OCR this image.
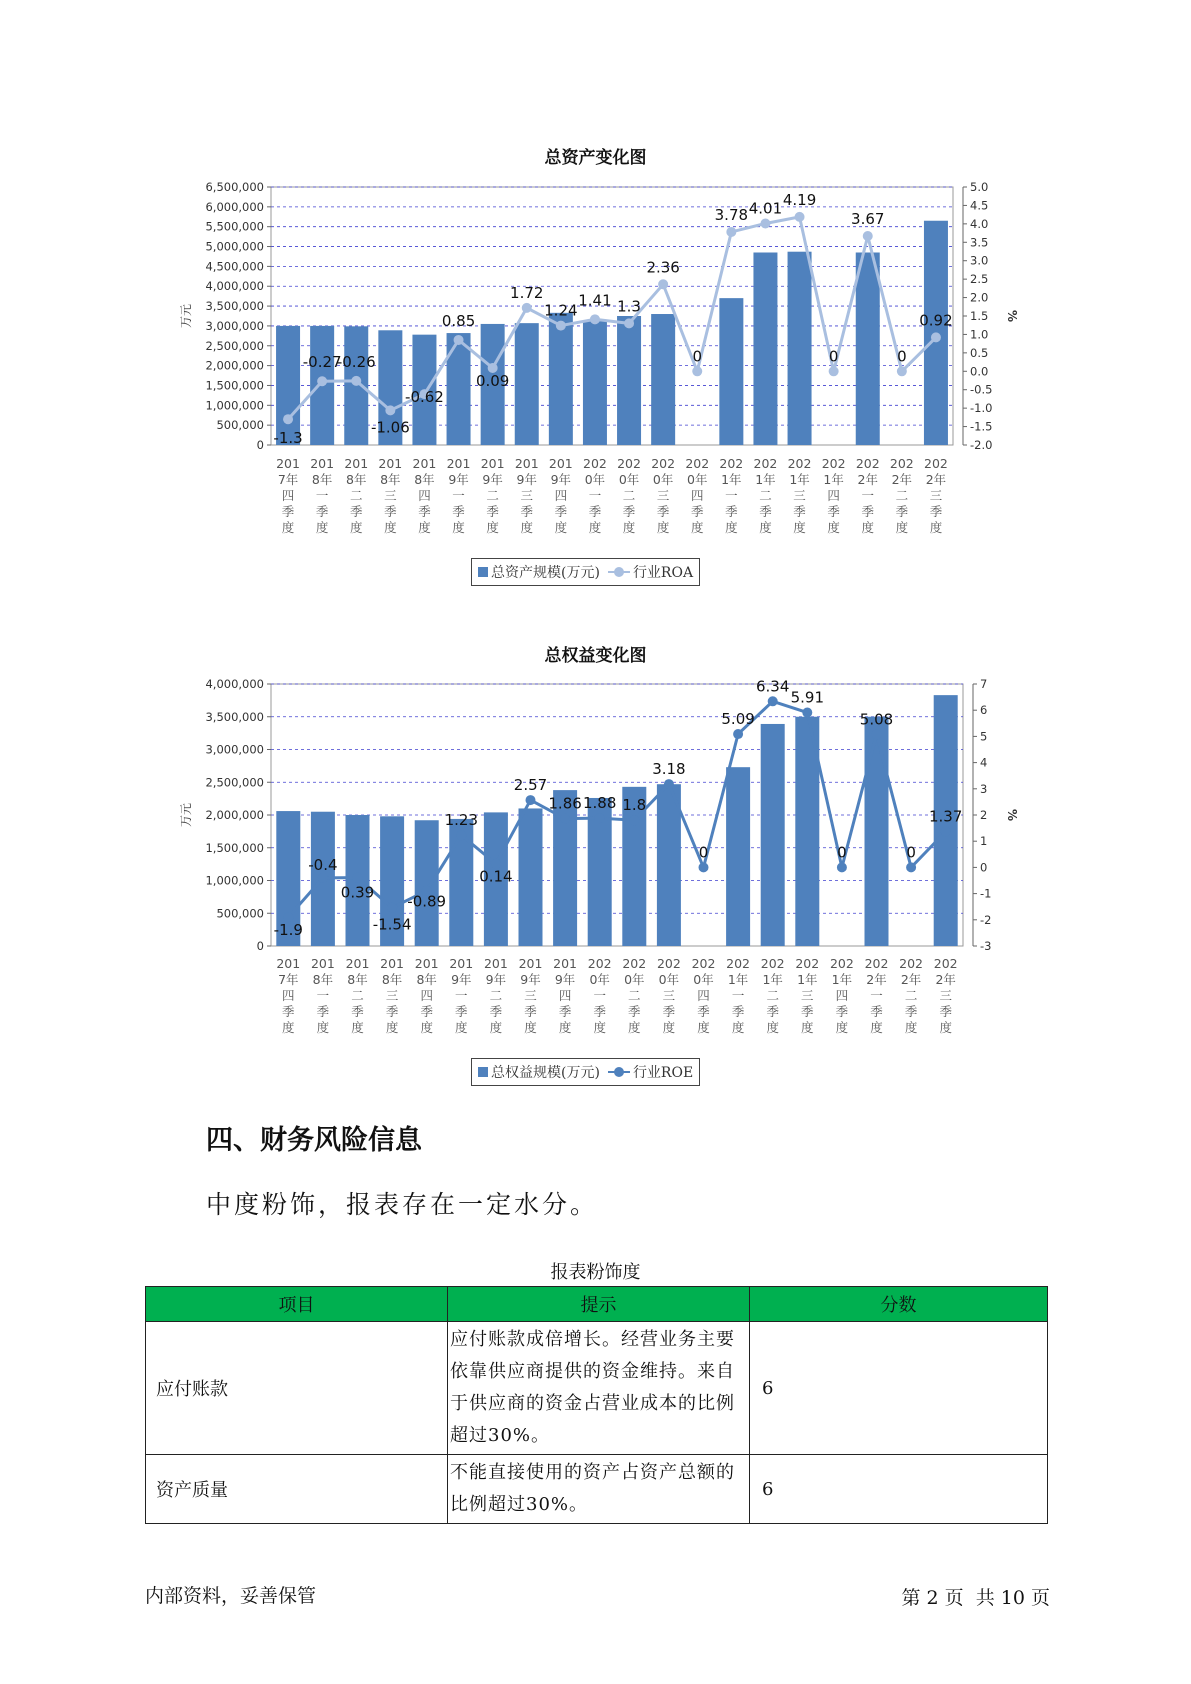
总资产变化图
0
500,000
1,000,000
1,500,000
2,000,000
2,500,000
3,000,000
3,500,000
4,000,000
4,500,000
5,000,000
5,500,000
6,000,000
6,500,000
-2.0
-1.5
-1.0
-0.5
0.0
0.5
1.0
1.5
2.0
2.5
3.0
3.5
4.0
4.5
5.0
万元	%
-1.3
-0.27
-0.26
-1.06
-0.62
0.85
0.09
1.72
1.24
1.41 1.3
2.36
0
3.78 4.01 4.19
0
3.67
0
0.92
201
7年
四
季
度
201
8年
一
季
度
201
8年
二
季
度
201
8年
三
季
度
201
8年
四
季
度
201
9年
一
季
度
201
9年
二
季
度
201
9年
三
季
度
201
9年
四
季
度
202
0年
一
季
度
202
0年
二
季
度
202
0年
三
季
度
202
0年
四
季
度
202
1年
一
季
度
202
1年
二
季
度
202
1年
三
季
度
202
1年
四
季
度
202
2年
一
季
度
202
2年
二
季
度
202
2年
三
季
度
总资产规模(万元) 行业ROA
总权益变化图
0
500,000
1,000,000
1,500,000
2,000,000
2,500,000
3,000,000
3,500,000
4,000,000
-3
-2
-1
0
1
2
3
4
5
6
7
万元	%
-1.9
-0.4
0.39
-1.54
-0.89
1.23
0.14
2.57
1.86 1.88 1.8
3.18
0
5.09
6.34
5.91
0
5.08
0
1.37
201
7年
四
季
度
201
8年
一
季
度
201
8年
二
季
度
201
8年
三
季
度
201
8年
四
季
度
201
9年
一
季
度
201
9年
二
季
度
201
9年
三
季
度
201
9年
四
季
度
202
0年
一
季
度
202
0年
二
季
度
202
0年
三
季
度
202
0年
四
季
度
202
1年
一
季
度
202
1年
二
季
度
202
1年
三
季
度
202
1年
四
季
度
202
2年
一
季
度
202
2年
二
季
度
202
2年
三
季
度
总权益规模(万元) 行业ROE
四、财务风险信息
中度粉饰，报表存在一定水分。
报表粉饰度
项目	提示	分数
应付账款	应付账款成倍增长。经营业务主要依靠供应商提供的资金维持。来自于供应商的资金占营业成本的比例超过30%。	6
资产质量	不能直接使用的资产占资产总额的比例超过30%。	6
内部资料，妥善保管	第 2 页  共 10 页
